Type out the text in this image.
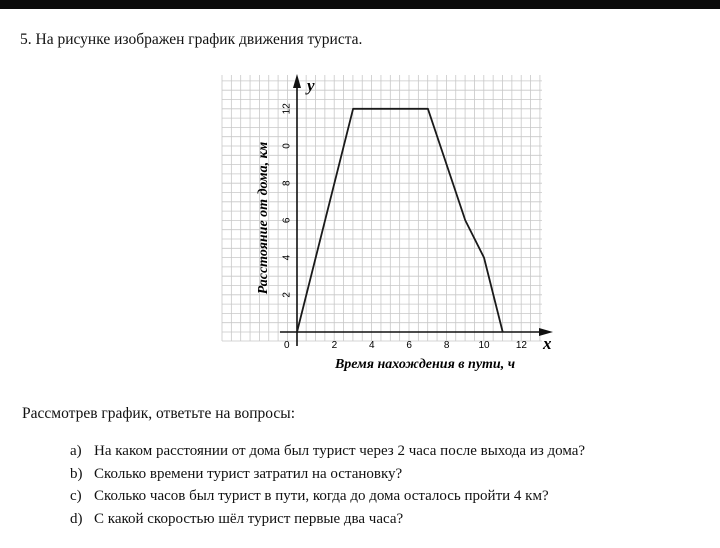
5. На рисунке изображен график движения туриста.
y
x
0	2	4	6	8	10	12
2
4
6
8
0
12
Время нахождения в пути, ч
Расстояние от дома, км
Рассмотрев график, ответьте на вопросы:
a) На каком расстоянии от дома был турист через 2 часа после выхода из дома?
b) Сколько времени турист затратил на остановку?
c) Сколько часов был турист в пути, когда до дома осталось пройти 4 км?
d) С какой скоростью шёл турист первые два часа?
